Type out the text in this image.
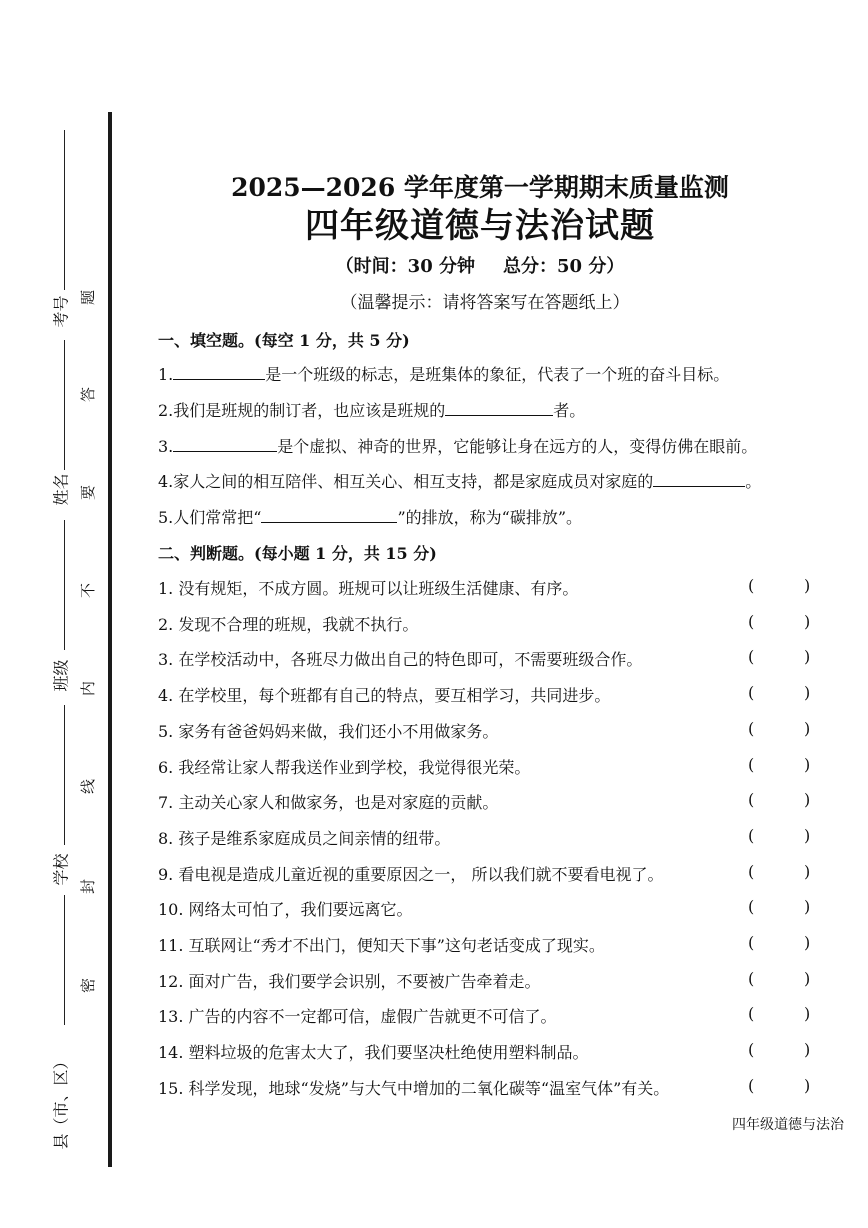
考号
姓名
班级
学校
县（市、区）
题
答
要
不
内
线
封
密
2025—2026 学年度第一学期期末质量监测
四年级道德与法治试题
（时间：30 分钟 总分：50 分）
（温馨提示：请将答案写在答题纸上）
一、填空题。(每空 1 分，共 5 分)
1.	是一个班级的标志，是班集体的象征，代表了一个班的奋斗目标。
2.我们是班规的制订者，也应该是班规的	者。
3.	是个虚拟、神奇的世界，它能够让身在远方的人，变得仿佛在眼前。
4.家人之间的相互陪伴、相互关心、相互支持，都是家庭成员对家庭的	。
5.人们常常把“	”的排放，称为“碳排放”。
二、判断题。(每小题 1 分，共 15 分)
1. 没有规矩，不成方圆。班规可以让班级生活健康、有序。	(	)
2. 发现不合理的班规，我就不执行。	(	)
3. 在学校活动中，各班尽力做出自己的特色即可，不需要班级合作。	(	)
4. 在学校里，每个班都有自己的特点，要互相学习，共同进步。	(	)
5. 家务有爸爸妈妈来做，我们还小不用做家务。	(	)
6. 我经常让家人帮我送作业到学校，我觉得很光荣。	(	)
7. 主动关心家人和做家务，也是对家庭的贡献。	(	)
8. 孩子是维系家庭成员之间亲情的纽带。	(	)
9. 看电视是造成儿童近视的重要原因之一， 所以我们就不要看电视了。	(	)
10. 网络太可怕了，我们要远离它。	(	)
11. 互联网让“秀才不出门，便知天下事”这句老话变成了现实。	(	)
12. 面对广告，我们要学会识别，不要被广告牵着走。	(	)
13. 广告的内容不一定都可信，虚假广告就更不可信了。	(	)
14. 塑料垃圾的危害太大了，我们要坚决杜绝使用塑料制品。	(	)
15. 科学发现，地球“发烧”与大气中增加的二氧化碳等“温室气体”有关。	(	)
四年级道德与法治
